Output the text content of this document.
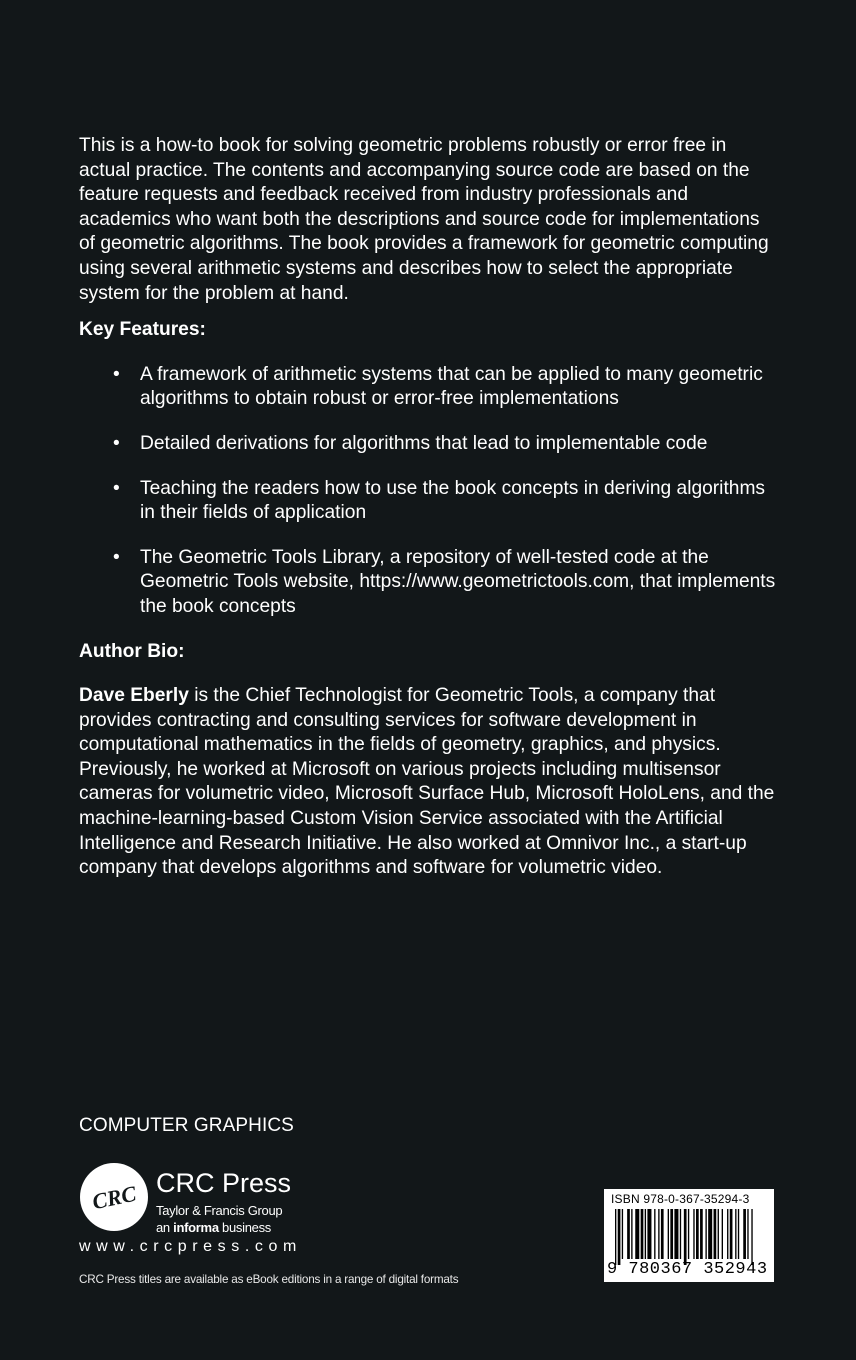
This is a how-to book for solving geometric problems robustly or error free in actual practice. The contents and accompanying source code are based on the feature requests and feedback received from industry professionals and academics who want both the descriptions and source code for implementations of geometric algorithms. The book provides a framework for geometric computing using several arithmetic systems and describes how to select the appropriate system for the problem at hand.

Key Features:

• A framework of arithmetic systems that can be applied to many geometric algorithms to obtain robust or error-free implementations
• Detailed derivations for algorithms that lead to implementable code
• Teaching the readers how to use the book concepts in deriving algorithms in their fields of application
• The Geometric Tools Library, a repository of well-tested code at the Geometric Tools website, https://www.geometrictools.com, that implements the book concepts

Author Bio:

Dave Eberly is the Chief Technologist for Geometric Tools, a company that provides contracting and consulting services for software development in computational mathematics in the fields of geometry, graphics, and physics. Previously, he worked at Microsoft on various projects including multisensor cameras for volumetric video, Microsoft Surface Hub, Microsoft HoloLens, and the machine-learning-based Custom Vision Service associated with the Artificial Intelligence and Research Initiative. He also worked at Omnivor Inc., a start-up company that develops algorithms and software for volumetric video.

COMPUTER GRAPHICS
CRC CRC Press
Taylor & Francis Group
an informa business
www.crcpress.com
CRC Press titles are available as eBook editions in a range of digital formats
ISBN 978-0-367-35294-3
9 780367 352943
